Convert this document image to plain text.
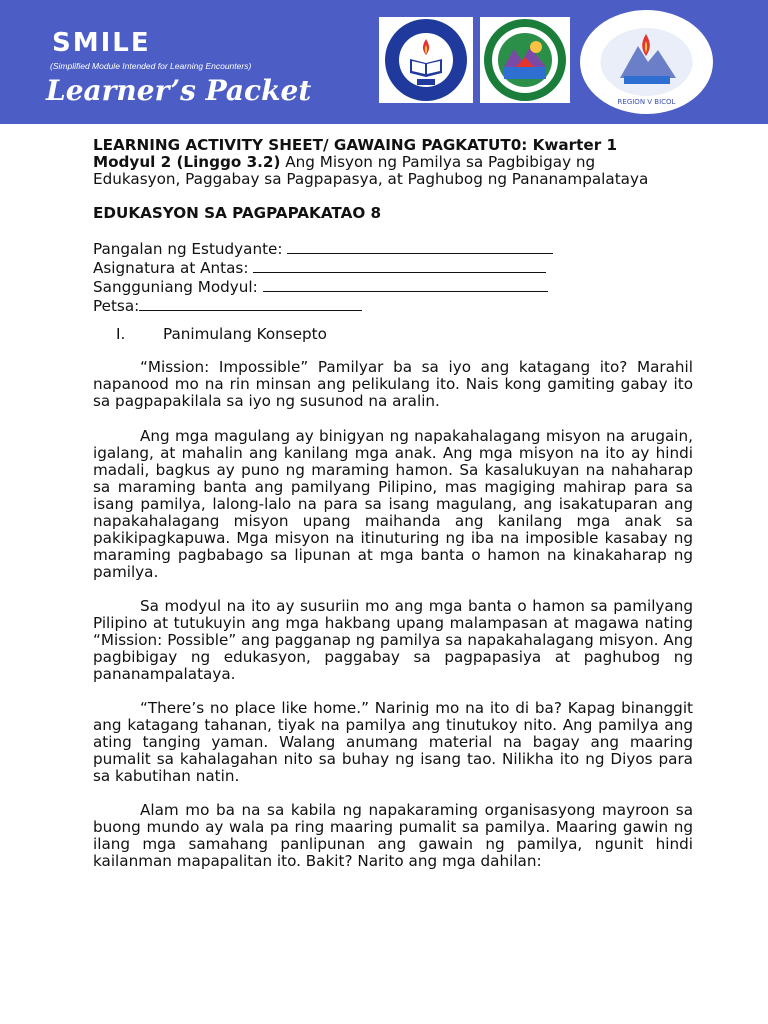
SMILE
(Simplified Module Intended for Learning Encounters)
Learner’s Packet	REGION V BICOL

LEARNING ACTIVITY SHEET/ GAWAING PAGKATUT0: Kwarter 1

Modyul 2 (Linggo 3.2) Ang Misyon ng Pamilya sa Pagbibigay ng

Edukasyon, Paggabay sa Pagpapasya, at Paghubog ng Pananampalataya

EDUKASYON SA PAGPAPAKATAO 8

Pangalan ng Estudyante:

Asignatura at Antas:

Sangguniang Modyul:

Petsa:

I. Panimulang Konsepto

“Mission: Impossible” Pamilyar ba sa iyo ang katagang ito? Marahil napanood mo na rin minsan ang pelikulang ito. Nais kong gamiting gabay ito sa pagpapakilala sa iyo ng susunod na aralin.

Ang mga magulang ay binigyan ng napakahalagang misyon na arugain, igalang, at mahalin ang kanilang mga anak. Ang mga misyon na ito ay hindi madali, bagkus ay puno ng maraming hamon. Sa kasalukuyan na nahaharap sa maraming banta ang pamilyang Pilipino, mas magiging mahirap para sa isang pamilya, lalong-lalo na para sa isang magulang, ang isakatuparan ang napakahalagang misyon upang maihanda ang kanilang mga anak sa pakikipagkapuwa. Mga misyon na itinuturing ng iba na imposible kasabay ng maraming pagbabago sa lipunan at mga banta o hamon na kinakaharap ng pamilya.

Sa modyul na ito ay susuriin mo ang mga banta o hamon sa pamilyang Pilipino at tutukuyin ang mga hakbang upang malampasan at magawa nating “Mission: Possible” ang pagganap ng pamilya sa napakahalagang misyon. Ang pagbibigay ng edukasyon, paggabay sa pagpapasiya at paghubog ng pananampalataya.

“There’s no place like home.” Narinig mo na ito di ba? Kapag binanggit ang katagang tahanan, tiyak na pamilya ang tinutukoy nito. Ang pamilya ang ating tanging yaman. Walang anumang material na bagay ang maaring pumalit sa kahalagahan nito sa buhay ng isang tao. Nilikha ito ng Diyos para sa kabutihan natin.

Alam mo ba na sa kabila ng napakaraming organisasyong mayroon sa buong mundo ay wala pa ring maaring pumalit sa pamilya. Maaring gawin ng ilang mga samahang panlipunan ang gawain ng pamilya, ngunit hindi kailanman mapapalitan ito. Bakit? Narito ang mga dahilan:
